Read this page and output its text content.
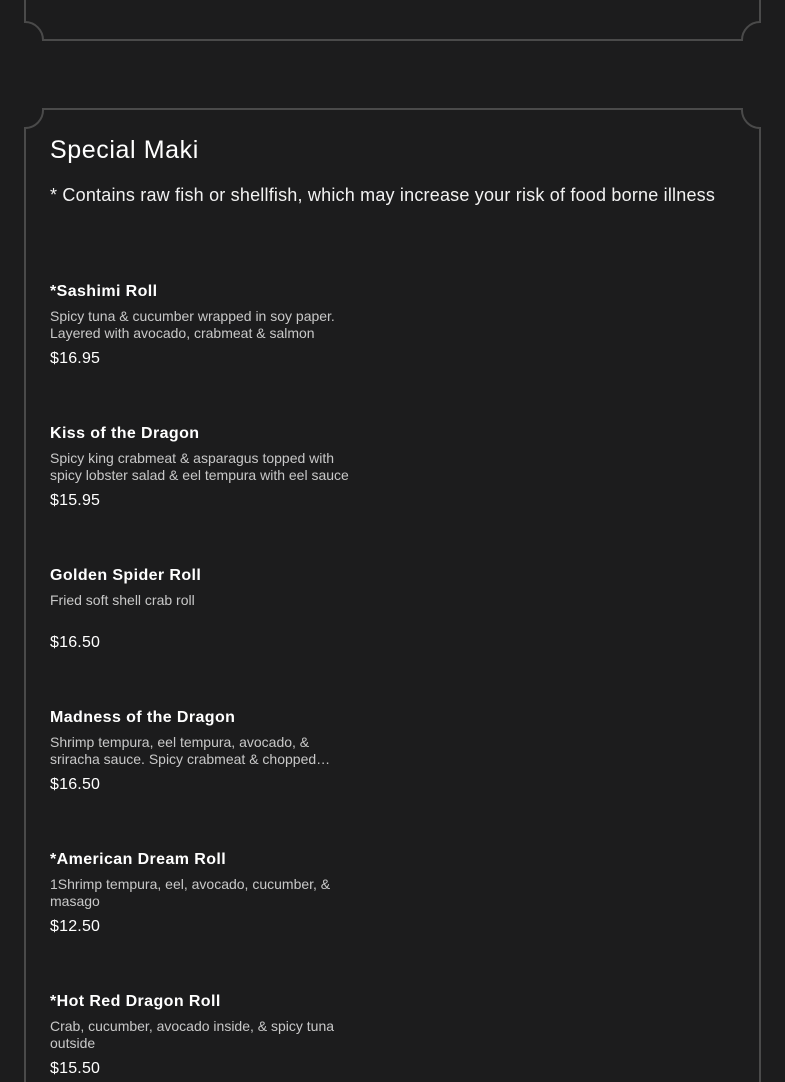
Special Maki
* Contains raw fish or shellfish, which may increase your risk of food borne illness
*Sashimi Roll
Spicy tuna & cucumber wrapped in soy paper. Layered with avocado, crabmeat & salmon
$16.95
Kiss of the Dragon
Spicy king crabmeat & asparagus topped with spicy lobster salad & eel tempura with eel sauce
$15.95
Golden Spider Roll
Fried soft shell crab roll
$16.50
Madness of the Dragon
Shrimp tempura, eel tempura, avocado, & sriracha sauce. Spicy crabmeat & chopped
$16.50
*American Dream Roll
1Shrimp tempura, eel, avocado, cucumber, & masago
$12.50
*Hot Red Dragon Roll
Crab, cucumber, avocado inside, & spicy tuna outside
$15.50
